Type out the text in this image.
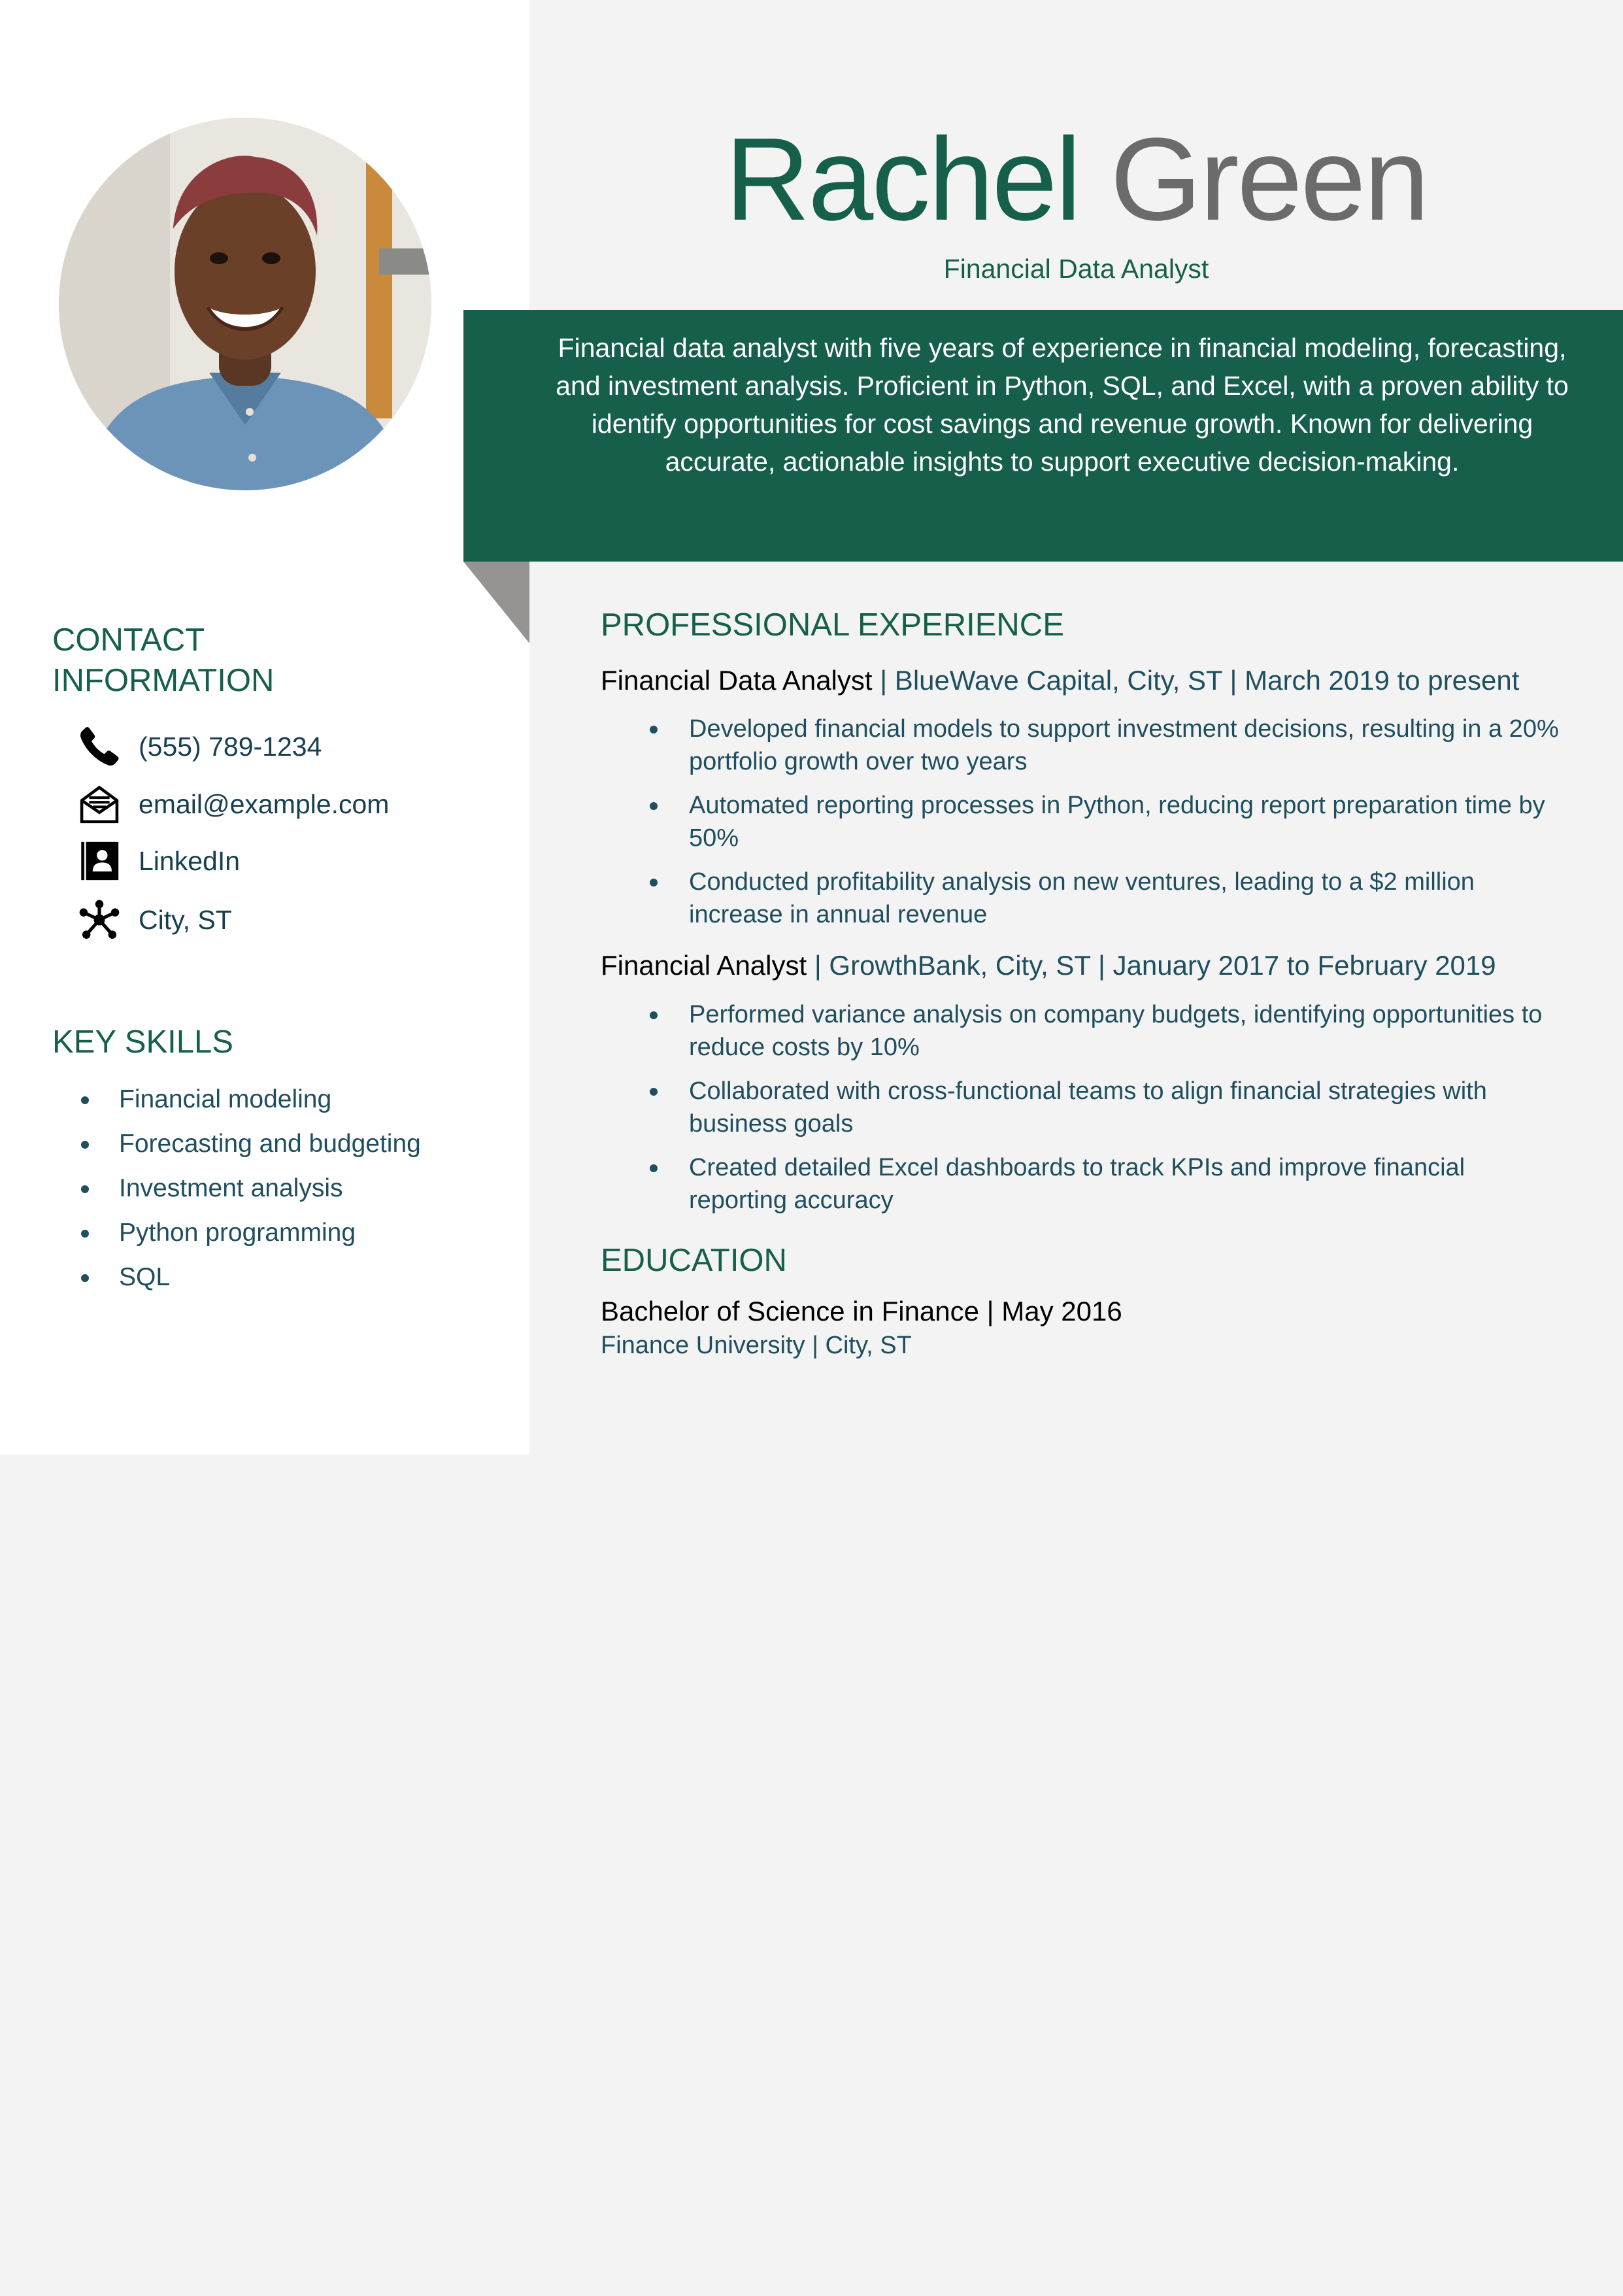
Rachel Green
Financial Data Analyst
Financial data analyst with five years of experience in financial modeling, forecasting, and investment analysis. Proficient in Python, SQL, and Excel, with a proven ability to identify opportunities for cost savings and revenue growth. Known for delivering accurate, actionable insights to support executive decision-making.
CONTACT INFORMATION
(555) 789-1234
email@example.com
LinkedIn
City, ST
KEY SKILLS
Financial modeling
Forecasting and budgeting
Investment analysis
Python programming
SQL
PROFESSIONAL EXPERIENCE
Financial Data Analyst | BlueWave Capital, City, ST | March 2019 to present
Developed financial models to support investment decisions, resulting in a 20% portfolio growth over two years
Automated reporting processes in Python, reducing report preparation time by 50%
Conducted profitability analysis on new ventures, leading to a $2 million increase in annual revenue
Financial Analyst | GrowthBank, City, ST | January 2017 to February 2019
Performed variance analysis on company budgets, identifying opportunities to reduce costs by 10%
Collaborated with cross-functional teams to align financial strategies with business goals
Created detailed Excel dashboards to track KPIs and improve financial reporting accuracy
EDUCATION
Bachelor of Science in Finance | May 2016
Finance University | City, ST
